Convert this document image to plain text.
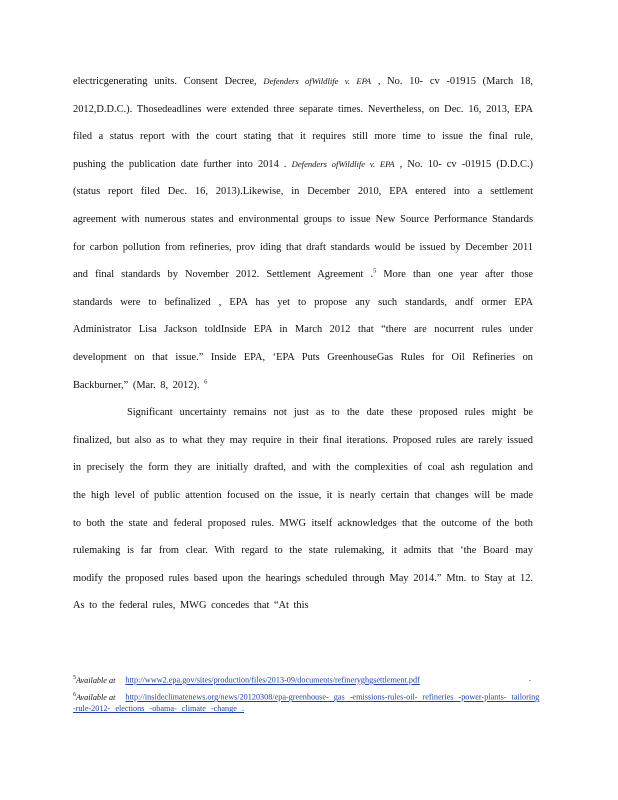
electricgenerating units. Consent Decree, Defenders ofWildlife v. EPA , No. 10- cv -01915 (March 18, 2012,D.D.C.). Thosedeadlines were extended three separate times. Nevertheless, on Dec. 16, 2013, EPA filed a status report with the court stating that it requires still more time to issue the final rule, pushing the publication date further into 2014 . Defenders ofWildlife v. EPA , No. 10- cv -01915 (D.D.C.) (status report filed Dec. 16, 2013).Likewise, in December 2010, EPA entered into a settlement agreement with numerous states and environmental groups to issue New Source Performance Standards for carbon pollution from refineries, prov iding that draft standards would be issued by December 2011 and final standards by November 2012. Settlement Agreement .$^5$ More than one year after those standards were to befinalized , EPA has yet to propose any such standards, andf ormer EPA Administrator Lisa Jackson toldInside EPA in March 2012 that “there are nocurrent rules under development on that issue.” Inside EPA, ‘EPA Puts GreenhouseGas Rules for Oil Refineries on Backburner,” (Mar. 8, 2012). $^6$

Significant uncertainty remains not just as to the date these proposed rules might be finalized, but also as to what they may require in their final iterations. Proposed rules are rarely issued in precisely the form they are initially drafted, and with the complexities of coal ash regulation and the high level of public attention focused on the issue, it is nearly certain that changes will be made to both the state and federal proposed rules. MWG itself acknowledges that the outcome of the both rulemaking is far from clear. With regard to the state rulemaking, it admits that ‘the Board may modify the proposed rules based upon the hearings scheduled through May 2014.” Mtn. to Stay at 12. As to the federal rules, MWG concedes that “At this

$^5$Available at http://www2.epa.gov/sites/production/files/2013-09/documents/refineryghgsettlement.pdf	.
$^6$Available at http://insideclimatenews.org/news/20120308/epa-greenhouse- gas -emissions-rules-oil- refineries -power-plants- tailoring -rule-2012- elections -obama- climate -change .
